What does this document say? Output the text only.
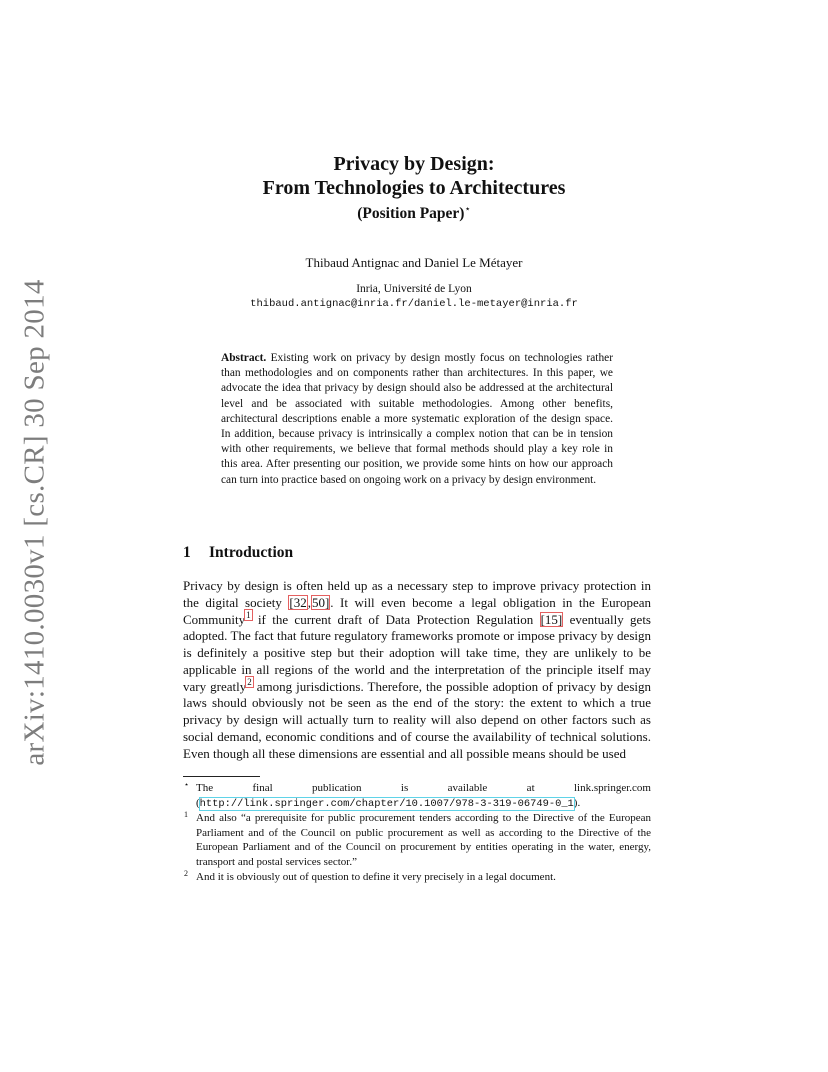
arXiv:1410.0030v1 [cs.CR] 30 Sep 2014
Privacy by Design:
From Technologies to Architectures
(Position Paper)⋆
Thibaud Antignac and Daniel Le Métayer
Inria, Université de Lyon
thibaud.antignac@inria.fr/daniel.le-metayer@inria.fr
Abstract. Existing work on privacy by design mostly focus on technologies rather than methodologies and on components rather than architectures. In this paper, we advocate the idea that privacy by design should also be addressed at the architectural level and be associated with suitable methodologies. Among other benefits, architectural descriptions enable a more systematic exploration of the design space. In addition, because privacy is intrinsically a complex notion that can be in tension with other requirements, we believe that formal methods should play a key role in this area. After presenting our position, we provide some hints on how our approach can turn into practice based on ongoing work on a privacy by design environment.
1 Introduction
Privacy by design is often held up as a necessary step to improve privacy protection in the digital society [32,50]. It will even become a legal obligation in the European Community$^1$ if the current draft of Data Protection Regulation [15] eventually gets adopted. The fact that future regulatory frameworks promote or impose privacy by design is definitely a positive step but their adoption will take time, they are unlikely to be applicable in all regions of the world and the interpretation of the principle itself may vary greatly$^2$ among jurisdictions. Therefore, the possible adoption of privacy by design laws should obviously not be seen as the end of the story: the extent to which a true privacy by design will actually turn to reality will also depend on other factors such as social demand, economic conditions and of course the availability of technical solutions. Even though all these dimensions are essential and all possible means should be used
⋆ The final publication is available at link.springer.com (http://link.springer.com/chapter/10.1007/978-3-319-06749-0_1).
1 And also “a prerequisite for public procurement tenders according to the Directive of the European Parliament and of the Council on public procurement as well as according to the Directive of the European Parliament and of the Council on procurement by entities operating in the water, energy, transport and postal services sector.”
2 And it is obviously out of question to define it very precisely in a legal document.
